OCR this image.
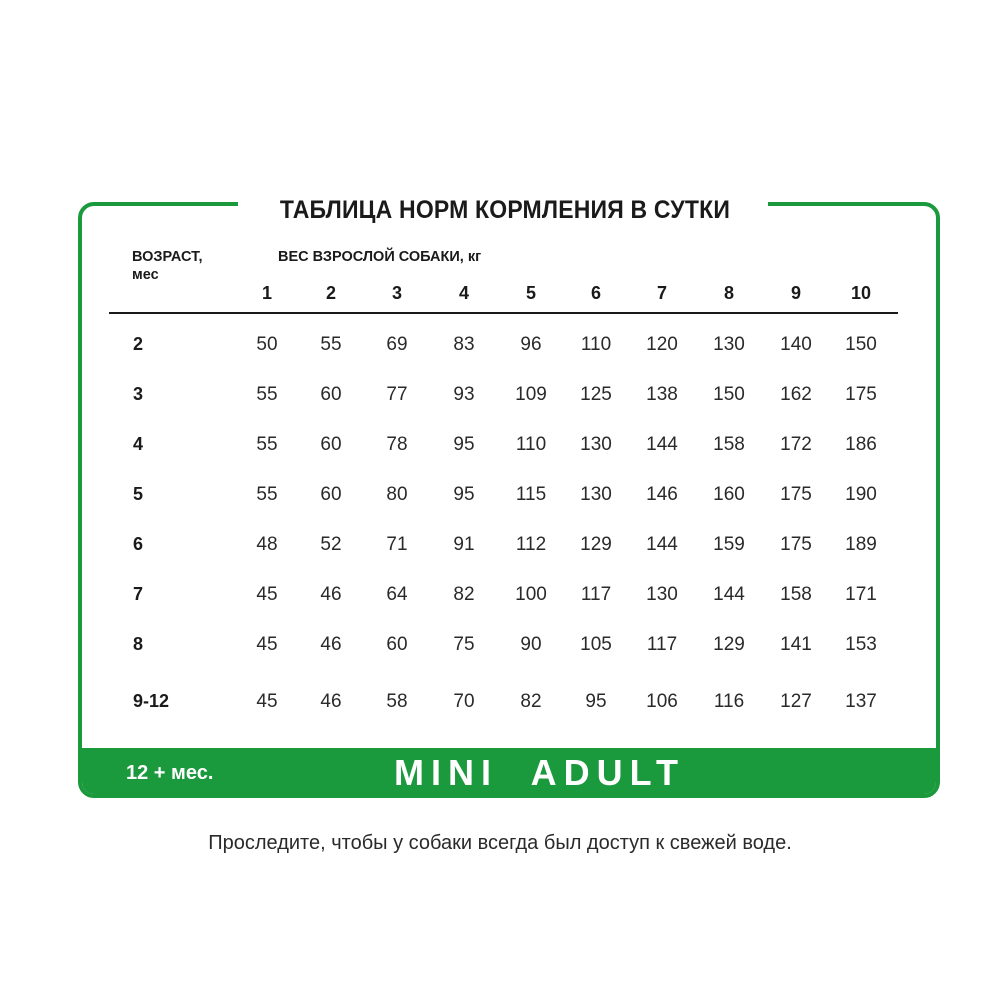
12 + мес.	MINI  ADULT
ТАБЛИЦА НОРМ КОРМЛЕНИЯ В СУТКИ
ВОЗРАСТ,
мес
ВЕС ВЗРОСЛОЙ СОБАКИ, кг
1	2	3	4	5	6	7	8	9	10
2	50	55	69	83	96	110	120	130	140	150
3	55	60	77	93	109	125	138	150	162	175
4	55	60	78	95	110	130	144	158	172	186
5	55	60	80	95	115	130	146	160	175	190
6	48	52	71	91	112	129	144	159	175	189
7	45	46	64	82	100	117	130	144	158	171
8	45	46	60	75	90	105	117	129	141	153
9-12	45	46	58	70	82	95	106	116	127	137
Проследите, чтобы у собаки всегда был доступ к свежей воде.
